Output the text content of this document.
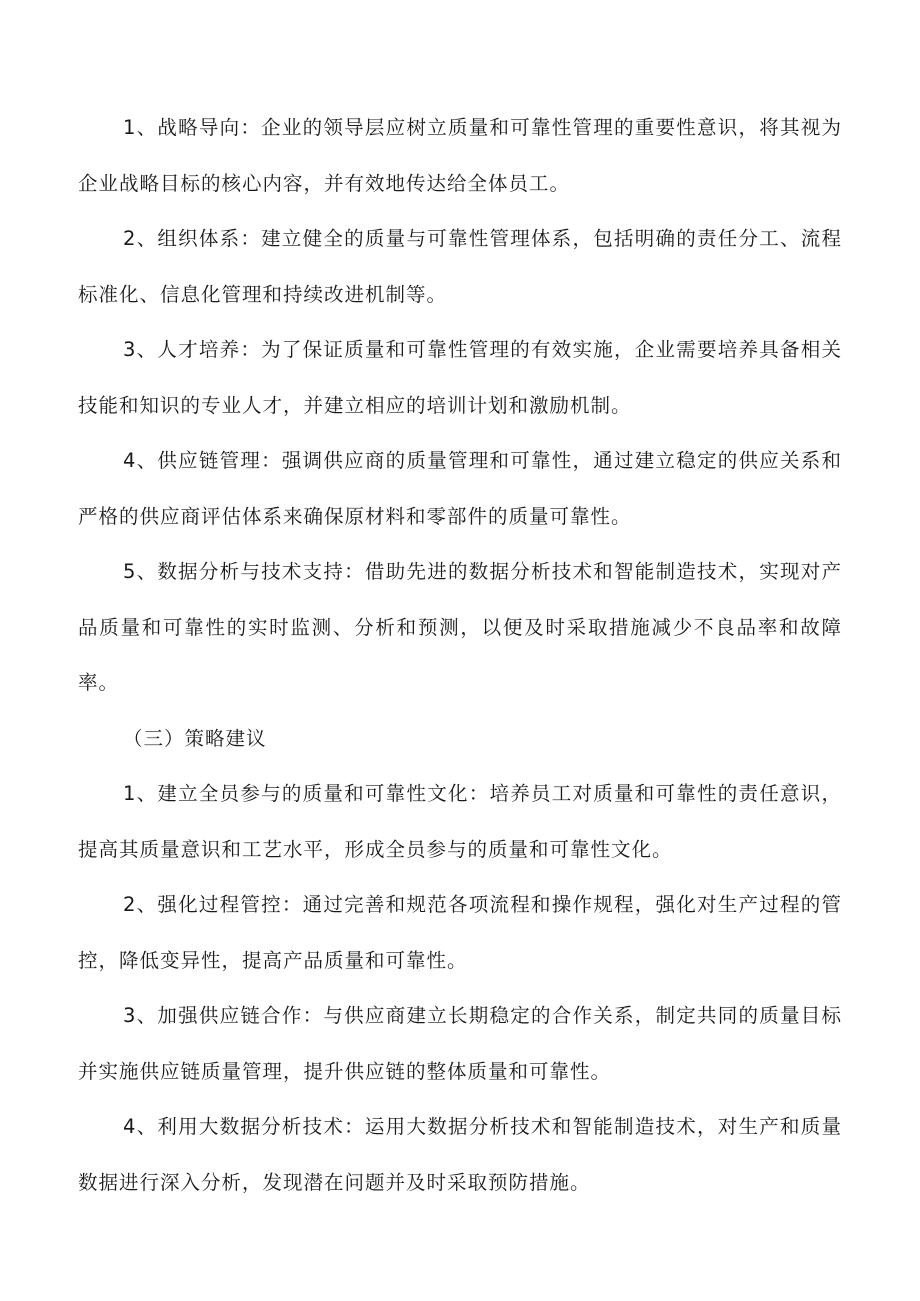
1、战略导向：企业的领导层应树立质量和可靠性管理的重要性意识，将其视为企业战略目标的核心内容，并有效地传达给全体员工。

2、组织体系：建立健全的质量与可靠性管理体系，包括明确的责任分工、流程标准化、信息化管理和持续改进机制等。

3、人才培养：为了保证质量和可靠性管理的有效实施，企业需要培养具备相关技能和知识的专业人才，并建立相应的培训计划和激励机制。

4、供应链管理：强调供应商的质量管理和可靠性，通过建立稳定的供应关系和严格的供应商评估体系来确保原材料和零部件的质量可靠性。

5、数据分析与技术支持：借助先进的数据分析技术和智能制造技术，实现对产品质量和可靠性的实时监测、分析和预测，以便及时采取措施减少不良品率和故障率。

（三）策略建议

1、建立全员参与的质量和可靠性文化：培养员工对质量和可靠性的责任意识，提高其质量意识和工艺水平，形成全员参与的质量和可靠性文化。

2、强化过程管控：通过完善和规范各项流程和操作规程，强化对生产过程的管控，降低变异性，提高产品质量和可靠性。

3、加强供应链合作：与供应商建立长期稳定的合作关系，制定共同的质量目标并实施供应链质量管理，提升供应链的整体质量和可靠性。

4、利用大数据分析技术：运用大数据分析技术和智能制造技术，对生产和质量数据进行深入分析，发现潜在问题并及时采取预防措施。
